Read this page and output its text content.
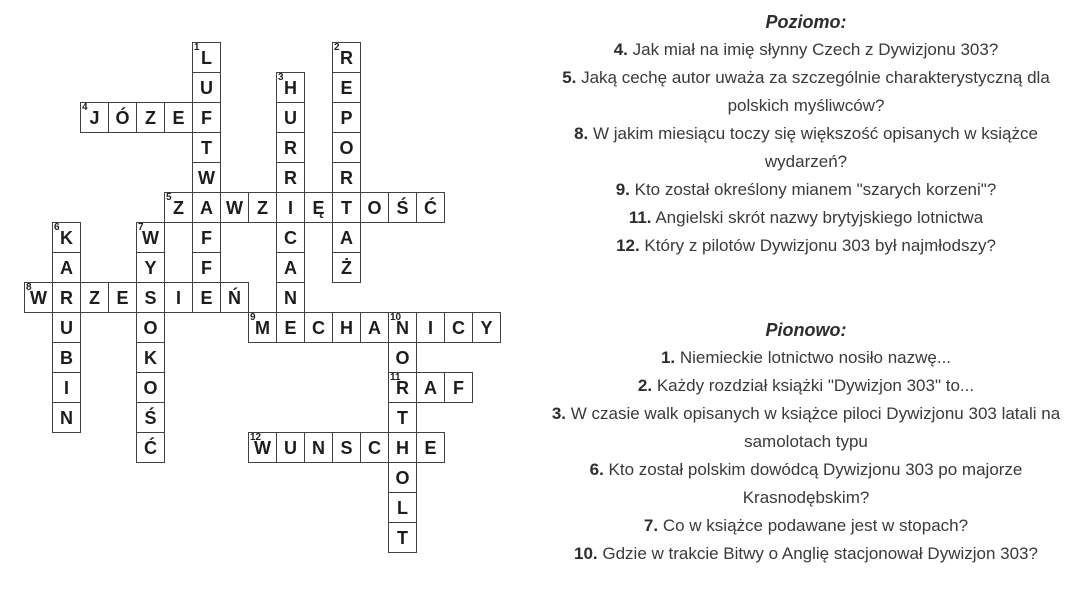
1
L
U
F
T
W
A
F
F
E
2
R
E
P
O
R
T
A
Ż
3
H
U
R
R
I
C
A
N
E
4
J Ó Z E
5
Z W Z Ę O Ś Ć
6
K
A
R
U
B
I
N
7
W
Y
S
O
K
O
Ś
Ć
8
W Z E	I	Ń
9
M C H A
10
N I C Y
O
11
R
T
H
O
L
T
A F
12
W U N S C E

Poziomo:

4. Jak miał na imię słynny Czech z Dywizjonu 303?

5. Jaką cechę autor uważa za szczególnie charakterystyczną dla polskich myśliwców?

8. W jakim miesiącu toczy się większość opisanych w książce wydarzeń?

9. Kto został określony mianem "szarych korzeni"?

11. Angielski skrót nazwy brytyjskiego lotnictwa

12. Który z pilotów Dywizjonu 303 był najmłodszy?

Pionowo:

1. Niemieckie lotnictwo nosiło nazwę...

2. Każdy rozdział książki "Dywizjon 303" to...

3. W czasie walk opisanych w książce piloci Dywizjonu 303 latali na samolotach typu

6. Kto został polskim dowódcą Dywizjonu 303 po majorze Krasnodębskim?

7. Co w książce podawane jest w stopach?

10. Gdzie w trakcie Bitwy o Anglię stacjonował Dywizjon 303?
